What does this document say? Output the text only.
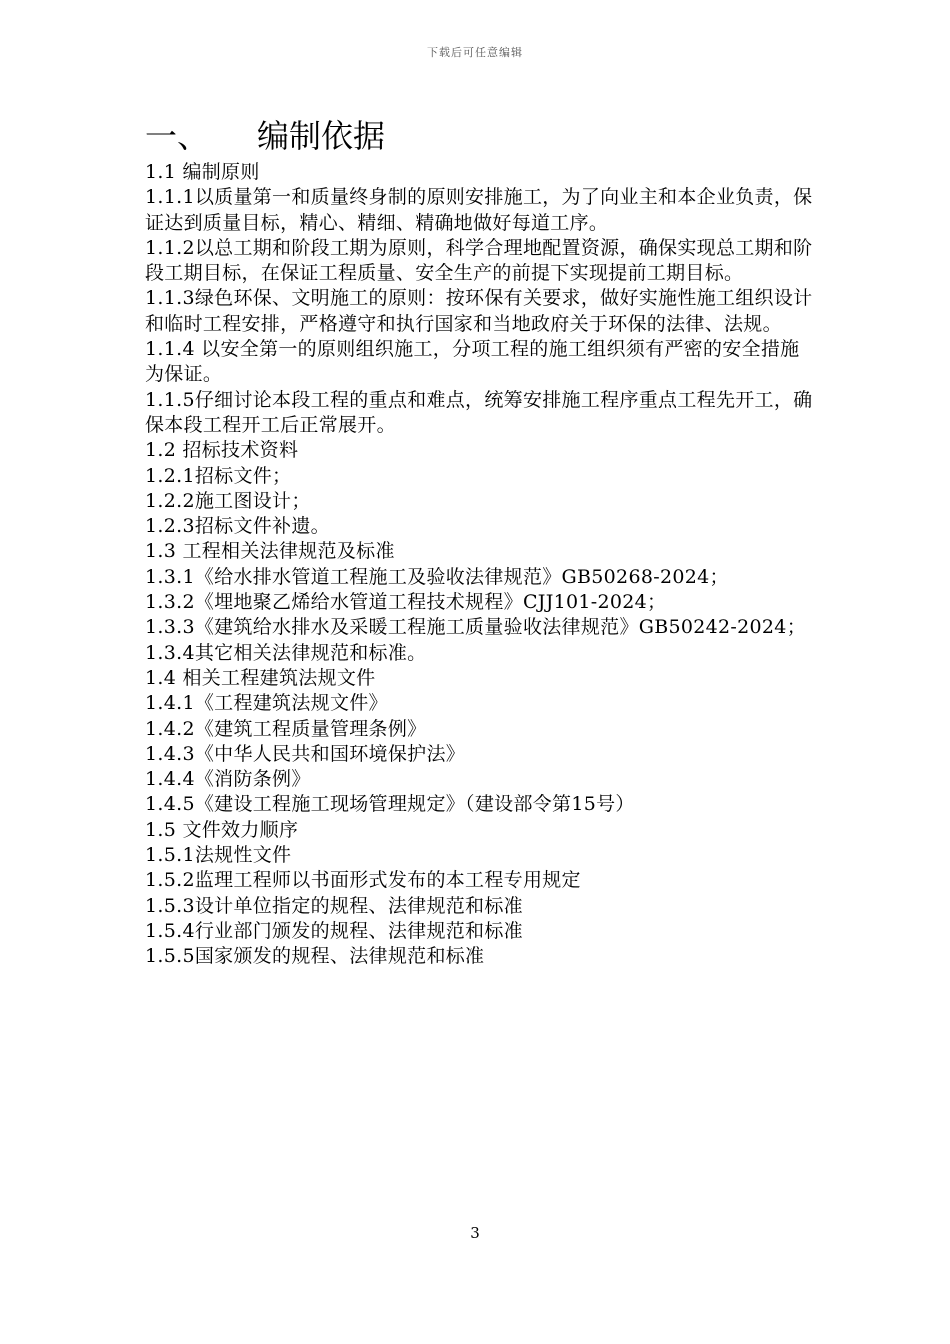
下载后可任意编辑
一、	编制依据
1.1 编制原则
1.1.1以质量第一和质量终身制的原则安排施工，为了向业主和本企业负责，保证达到质量目标，精心、精细、精确地做好每道工序。
1.1.2以总工期和阶段工期为原则，科学合理地配置资源，确保实现总工期和阶段工期目标，在保证工程质量、安全生产的前提下实现提前工期目标。
1.1.3绿色环保、文明施工的原则：按环保有关要求，做好实施性施工组织设计和临时工程安排，严格遵守和执行国家和当地政府关于环保的法律、法规。
1.1.4 以安全第一的原则组织施工，分项工程的施工组织须有严密的安全措施为保证。
1.1.5仔细讨论本段工程的重点和难点，统筹安排施工程序重点工程先开工，确保本段工程开工后正常展开。
1.2 招标技术资料
1.2.1招标文件；
1.2.2施工图设计；
1.2.3招标文件补遗。
1.3 工程相关法律规范及标准
1.3.1《给水排水管道工程施工及验收法律规范》GB50268-2024；
1.3.2《埋地聚乙烯给水管道工程技术规程》CJJ101-2024；
1.3.3《建筑给水排水及采暖工程施工质量验收法律规范》GB50242-2024；
1.3.4其它相关法律规范和标准。
1.4 相关工程建筑法规文件
1.4.1《工程建筑法规文件》
1.4.2《建筑工程质量管理条例》
1.4.3《中华人民共和国环境保护法》
1.4.4《消防条例》
1.4.5《建设工程施工现场管理规定》（建设部令第15号）
1.5 文件效力顺序
1.5.1法规性文件
1.5.2监理工程师以书面形式发布的本工程专用规定
1.5.3设计单位指定的规程、法律规范和标准
1.5.4行业部门颁发的规程、法律规范和标准
1.5.5国家颁发的规程、法律规范和标准
3
